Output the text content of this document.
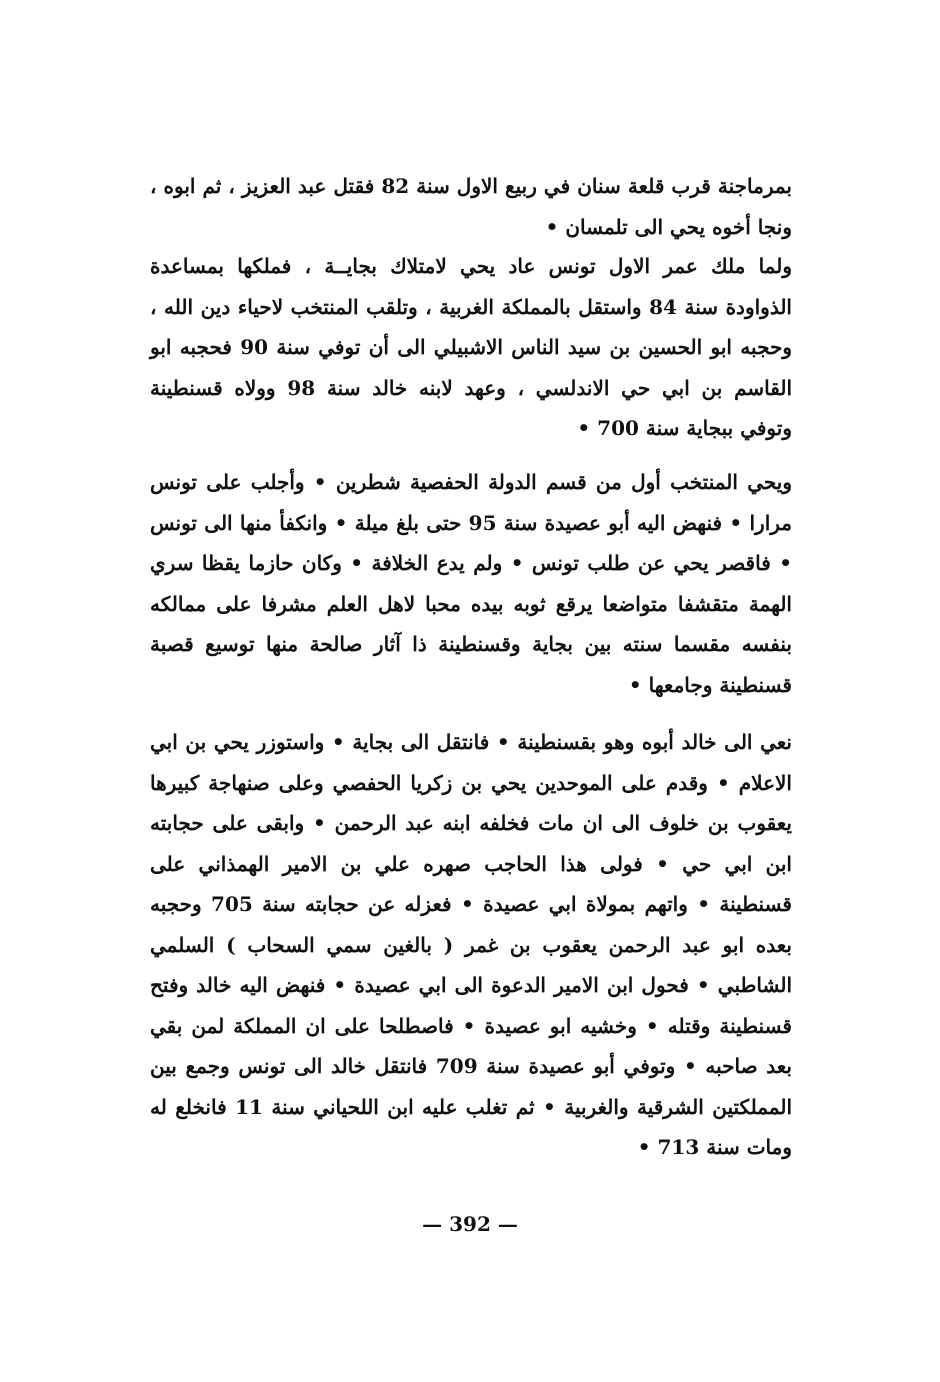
بمرماجنة قرب قلعة سنان في ربيع الاول سنة 82 فقتل عبد العزيز ، ثم ابوه ، ونجا أخوه يحي الى تلمسان •

ولما ملك عمر الاول تونس عاد يحي لامتلاك بجايــة ، فملكها بمساعدة الذواودة سنة 84 واستقل بالمملكة الغربية ، وتلقب المنتخب لاحياء دين الله ، وحجبه ابو الحسين بن سيد الناس الاشبيلي الى أن توفي سنة 90 فحجبه ابو القاسم بن ابي حي الاندلسي ، وعهد لابنه خالد سنة 98 وولاه قسنطينة وتوفي ببجاية سنة 700 •

ويحي المنتخب أول من قسم الدولة الحفصية شطرين • وأجلب على تونس مرارا • فنهض اليه أبو عصيدة سنة 95 حتى بلغ ميلة • وانكفأ منها الى تونس • فاقصر يحي عن طلب تونس • ولم يدع الخلافة • وكان حازما يقظا سري الهمة متقشفا متواضعا يرقع ثوبه بيده محبا لاهل العلم مشرفا على ممالكه بنفسه مقسما سنته بين بجاية وقسنطينة ذا آثار صالحة منها توسيع قصبة قسنطينة وجامعها •

نعي الى خالد أبوه وهو بقسنطينة • فانتقل الى بجاية • واستوزر يحي بن ابي الاعلام • وقدم على الموحدين يحي بن زكريا الحفصي وعلى صنهاجة كبيرها يعقوب بن خلوف الى ان مات فخلفه ابنه عبد الرحمن • وابقى على حجابته ابن ابي حي • فولى هذا الحاجب صهره علي بن الامير الهمذاني على قسنطينة • واتهم بمولاة ابي عصيدة • فعزله عن حجابته سنة 705 وحجبه بعده ابو عبد الرحمن يعقوب بن غمر ( بالغين سمي السحاب ) السلمي الشاطبي • فحول ابن الامير الدعوة الى ابي عصيدة • فنهض اليه خالد وفتح قسنطينة وقتله • وخشيه ابو عصيدة • فاصطلحا على ان المملكة لمن بقي بعد صاحبه • وتوفي أبو عصيدة سنة 709 فانتقل خالد الى تونس وجمع بين المملكتين الشرقية والغربية • ثم تغلب عليه ابن اللحياني سنة 11 فانخلع له ومات سنة 713 •

— 392 —
